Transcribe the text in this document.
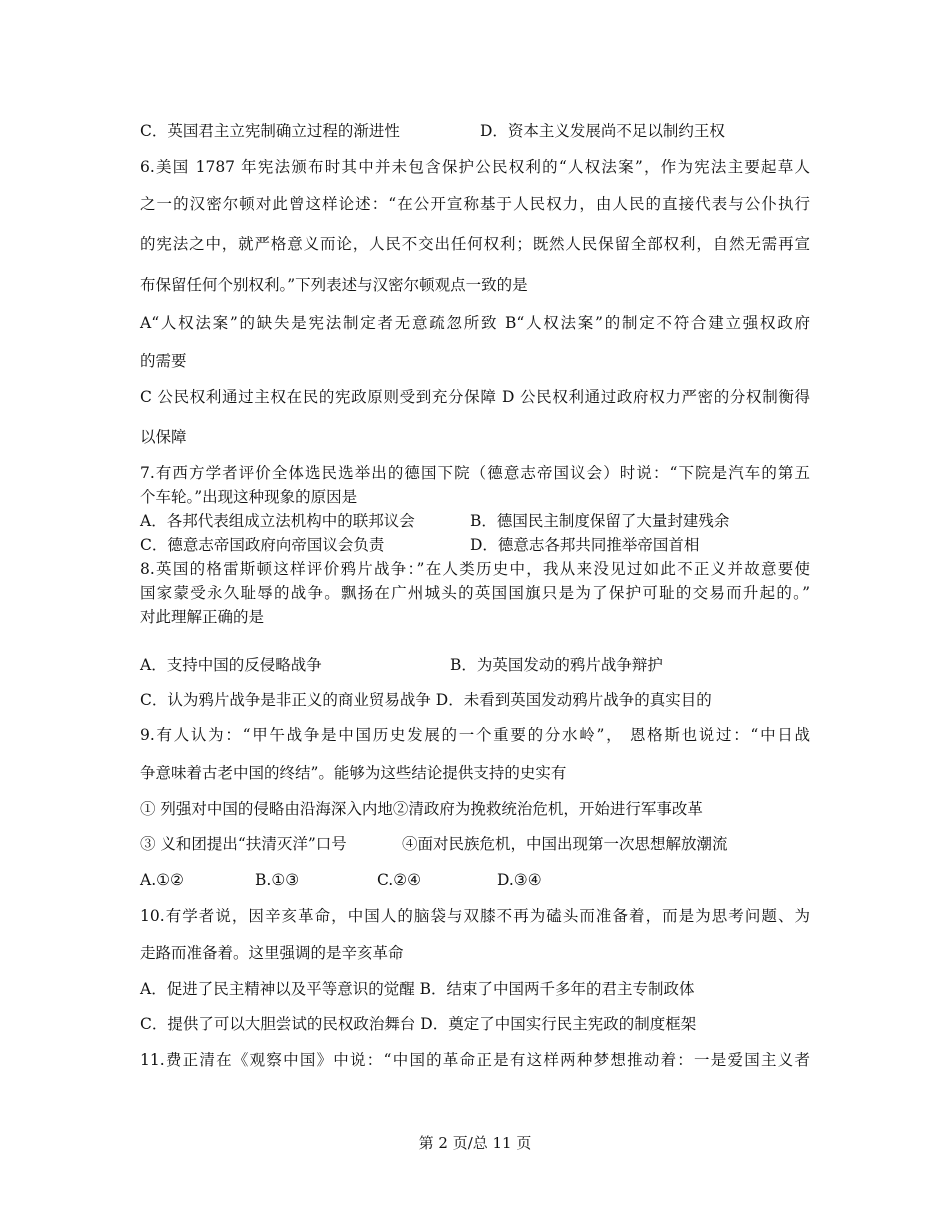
C．英国君主立宪制确立过程的渐进性	D．资本主义发展尚不足以制约王权
6.美国 1787 年宪法颁布时其中并未包含保护公民权利的“人权法案”，作为宪法主要起草人
之一的汉密尔顿对此曾这样论述：“在公开宣称基于人民权力，由人民的直接代表与公仆执行
的宪法之中，就严格意义而论，人民不交出任何权利；既然人民保留全部权利，自然无需再宣
布保留任何个别权利。”下列表述与汉密尔顿观点一致的是
A“人权法案”的缺失是宪法制定者无意疏忽所致 B“人权法案”的制定不符合建立强权政府
的需要
C 公民权利通过主权在民的宪政原则受到充分保障 D 公民权利通过政府权力严密的分权制衡得
以保障
7.有西方学者评价全体选民选举出的德国下院（德意志帝国议会）时说：“下院是汽车的第五
个车轮。”出现这种现象的原因是
A．各邦代表组成立法机构中的联邦议会	B．德国民主制度保留了大量封建残余
C．德意志帝国政府向帝国议会负责	D．德意志各邦共同推举帝国首相
8.英国的格雷斯顿这样评价鸦片战争：”在人类历史中，我从来没见过如此不正义并故意要使
国家蒙受永久耻辱的战争。飘扬在广州城头的英国国旗只是为了保护可耻的交易而升起的。”
对此理解正确的是
A．支持中国的反侵略战争	B．为英国发动的鸦片战争辩护
C．认为鸦片战争是非正义的商业贸易战争 D．未看到英国发动鸦片战争的真实目的
9.有人认为：“甲午战争是中国历史发展的一个重要的分水岭”， 恩格斯也说过：“中日战
争意味着古老中国的终结”。能够为这些结论提供支持的史实有
① 列强对中国的侵略由沿海深入内地②清政府为挽救统治危机，开始进行军事改革
③ 义和团提出“扶清灭洋”口号	④面对民族危机，中国出现第一次思想解放潮流
A.①②	B.①③	C.②④	D.③④
10.有学者说，因辛亥革命，中国人的脑袋与双膝不再为磕头而准备着，而是为思考问题、为
走路而准备着。这里强调的是辛亥革命
A．促进了民主精神以及平等意识的觉醒 B．结束了中国两千多年的君主专制政体
C．提供了可以大胆尝试的民权政治舞台 D．奠定了中国实行民主宪政的制度框架
11.费正清在《观察中国》中说：“中国的革命正是有这样两种梦想推动着：一是爱国主义者
第 2 页/总 11 页
